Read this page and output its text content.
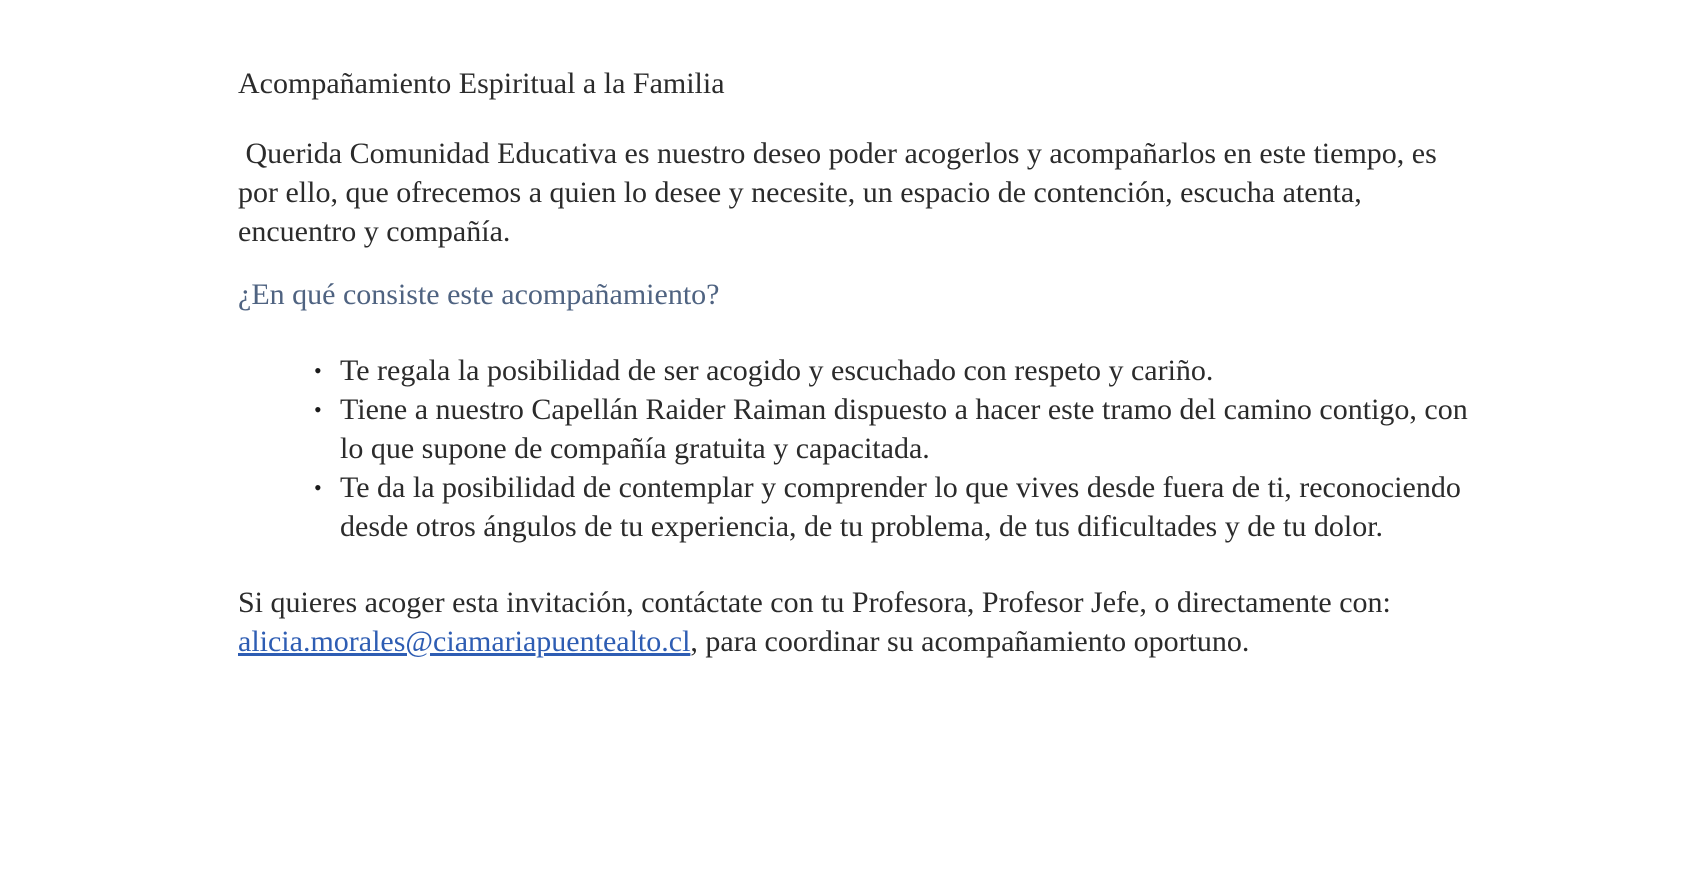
Acompañamiento Espiritual a la Familia

Querida Comunidad Educativa es nuestro deseo poder acogerlos y acompañarlos en este tiempo, es por ello, que ofrecemos a quien lo desee y necesite, un espacio de contención, escucha atenta, encuentro y compañía.

¿En qué consiste este acompañamiento?
• Te regala la posibilidad de ser acogido y escuchado con respeto y cariño.
• Tiene a nuestro Capellán Raider Raiman dispuesto a hacer este tramo del camino contigo, con lo que supone de compañía gratuita y capacitada.
• Te da la posibilidad de contemplar y comprender lo que vives desde fuera de ti, reconociendo desde otros ángulos de tu experiencia, de tu problema, de tus dificultades y de tu dolor.

Si quieres acoger esta invitación, contáctate con tu Profesora, Profesor Jefe, o directamente con: alicia.morales@ciamariapuentealto.cl, para coordinar su acompañamiento oportuno.
